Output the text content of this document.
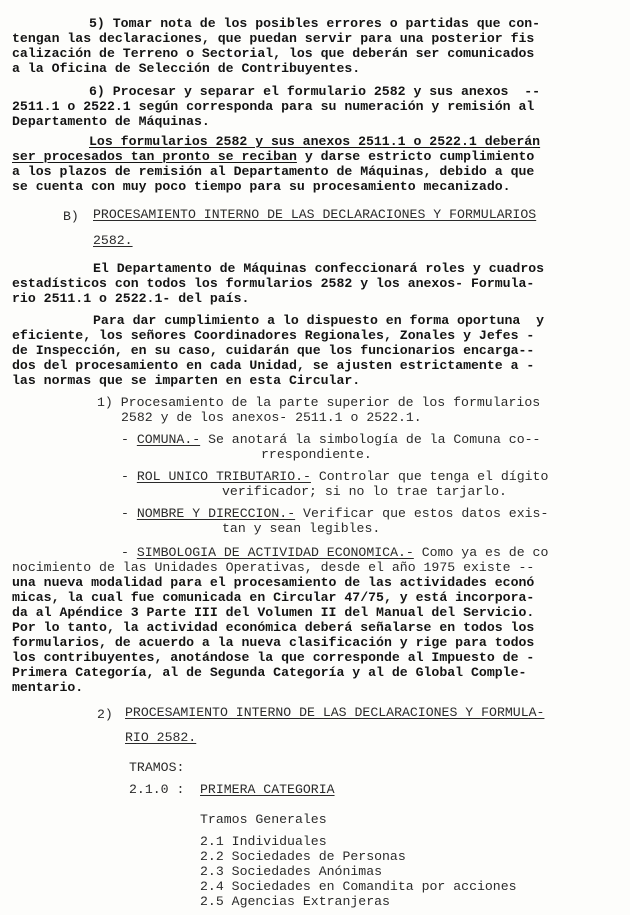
5) Tomar nota de los posibles errores o partidas que con-

tengan las declaraciones, que puedan servir para una posterior fis

calización de Terreno o Sectorial, los que deberán ser comunicados

a la Oficina de Selección de Contribuyentes.

6) Procesar y separar el formulario 2582 y sus anexos  --

2511.1 o 2522.1 según corresponda para su numeración y remisión al

Departamento de Máquinas.

Los formularios 2582 y sus anexos 2511.1 o 2522.1 deberán

ser procesados tan pronto se reciban y darse estricto cumplimiento

a los plazos de remisión al Departamento de Máquinas, debido a que

se cuenta con muy poco tiempo para su procesamiento mecanizado.

B) PROCESAMIENTO INTERNO DE LAS DECLARACIONES Y FORMULARIOS

2582.

El Departamento de Máquinas confeccionará roles y cuadros

estadísticos con todos los formularios 2582 y los anexos- Formula-

rio 2511.1 o 2522.1- del país.

Para dar cumplimiento a lo dispuesto en forma oportuna  y

eficiente, los señores Coordinadores Regionales, Zonales y Jefes -

de Inspección, en su caso, cuidarán que los funcionarios encarga--

dos del procesamiento en cada Unidad, se ajusten estrictamente a -

las normas que se imparten en esta Circular.

1) Procesamiento de la parte superior de los formularios

2582 y de los anexos- 2511.1 o 2522.1.

- COMUNA.- Se anotará la simbología de la Comuna co--

rrespondiente.

- ROL UNICO TRIBUTARIO.- Controlar que tenga el dígito

verificador; si no lo trae tarjarlo.

- NOMBRE Y DIRECCION.- Verificar que estos datos exis-

tan y sean legibles.

- SIMBOLOGIA DE ACTIVIDAD ECONOMICA.- Como ya es de co

nocimiento de las Unidades Operativas, desde el año 1975 existe --

una nueva modalidad para el procesamiento de las actividades econó

micas, la cual fue comunicada en Circular 47/75, y está incorpora-

da al Apéndice 3 Parte III del Volumen II del Manual del Servicio.

Por lo tanto, la actividad económica deberá señalarse en todos los

formularios, de acuerdo a la nueva clasificación y rige para todos

los contribuyentes, anotándose la que corresponde al Impuesto de -

Primera Categoría, al de Segunda Categoría y al de Global Comple-

mentario.

2) PROCESAMIENTO INTERNO DE LAS DECLARACIONES Y FORMULA-

RIO 2582.

TRAMOS:

2.1.0 : PRIMERA CATEGORIA

Tramos Generales

2.1 Individuales

2.2 Sociedades de Personas

2.3 Sociedades Anónimas

2.4 Sociedades en Comandita por acciones

2.5 Agencias Extranjeras
